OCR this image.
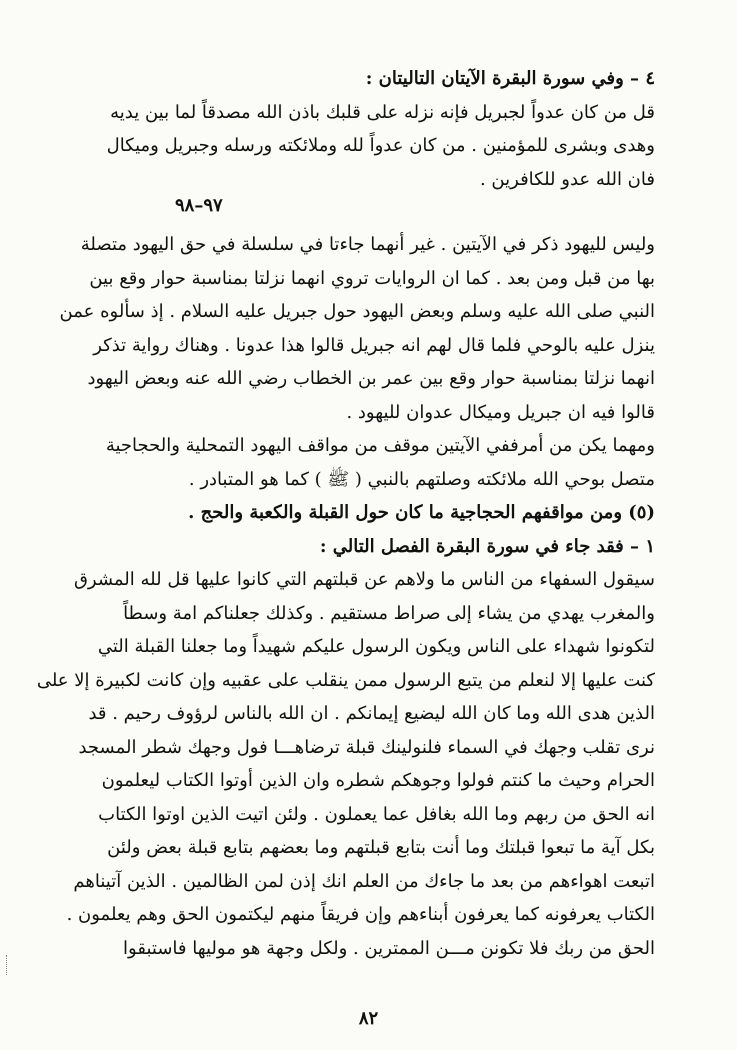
٤ – وفي سورة البقرة الآيتان التاليتان :
قل من كان عدواً لجبريل فإنه نزله على قلبك باذن الله مصدقاً لما بين يديه
وهدى وبشرى للمؤمنين . من كان عدواً لله وملائكته ورسله وجبريل وميكال
فان الله عدو للكافرين .
٩٧–٩٨
وليس لليهود ذكر في الآيتين . غير أنهما جاءتا في سلسلة في حق اليهود متصلة
بها من قبل ومن بعد . كما ان الروايات تروي انهما نزلتا بمناسبة حوار وقع بين
النبي صلى الله عليه وسلم وبعض اليهود حول جبريل عليه السلام . إذ سألوه عمن
ينزل عليه بالوحي فلما قال لهم انه جبريل قالوا هذا عدونا . وهناك رواية تذكر
انهما نزلتا بمناسبة حوار وقع بين عمر بن الخطاب رضي الله عنه وبعض اليهود
قالوا فيه ان جبريل وميكال عدوان لليهود .
ومهما يكن من أمرففي الآيتين موقف من مواقف اليهود التمحلية والحجاجية
متصل بوحي الله ملائكته وصلتهم بالنبي ( ﷺ ) كما هو المتبادر .
(٥) ومن مواقفهم الحجاجية ما كان حول القبلة والكعبة والحج .
١ – فقد جاء في سورة البقرة الفصل التالي :
سيقول السفهاء من الناس ما ولاهم عن قبلتهم التي كانوا عليها قل لله المشرق
والمغرب يهدي من يشاء إلى صراط مستقيم . وكذلك جعلناكم امة وسطاً
لتكونوا شهداء على الناس ويكون الرسول عليكم شهيداً وما جعلنا القبلة التي
كنت عليها إلا لنعلم من يتبع الرسول ممن ينقلب على عقبيه وإن كانت لكبيرة إلا على
الذين هدى الله وما كان الله ليضيع إيمانكم . ان الله بالناس لرؤوف رحيم . قد
نرى تقلب وجهك في السماء فلنولينك قبلة ترضاهـــا فول وجهك شطر المسجد
الحرام وحيث ما كنتم فولوا وجوهكم شطره وان الذين أوتوا الكتاب ليعلمون
انه الحق من ربهم وما الله بغافل عما يعملون . ولئن اتيت الذين اوتوا الكتاب
بكل آية ما تبعوا قبلتك وما أنت بتابع قبلتهم وما بعضهم بتابع قبلة بعض ولئن
اتبعت اهواءهم من بعد ما جاءك من العلم انك إذن لمن الظالمين . الذين آتيناهم
الكتاب يعرفونه كما يعرفون أبناءهم وإن فريقاً منهم ليكتمون الحق وهم يعلمون .
الحق من ربك فلا تكونن مـــن الممترين . ولكل وجهة هو موليها فاستبقوا
٨٢
